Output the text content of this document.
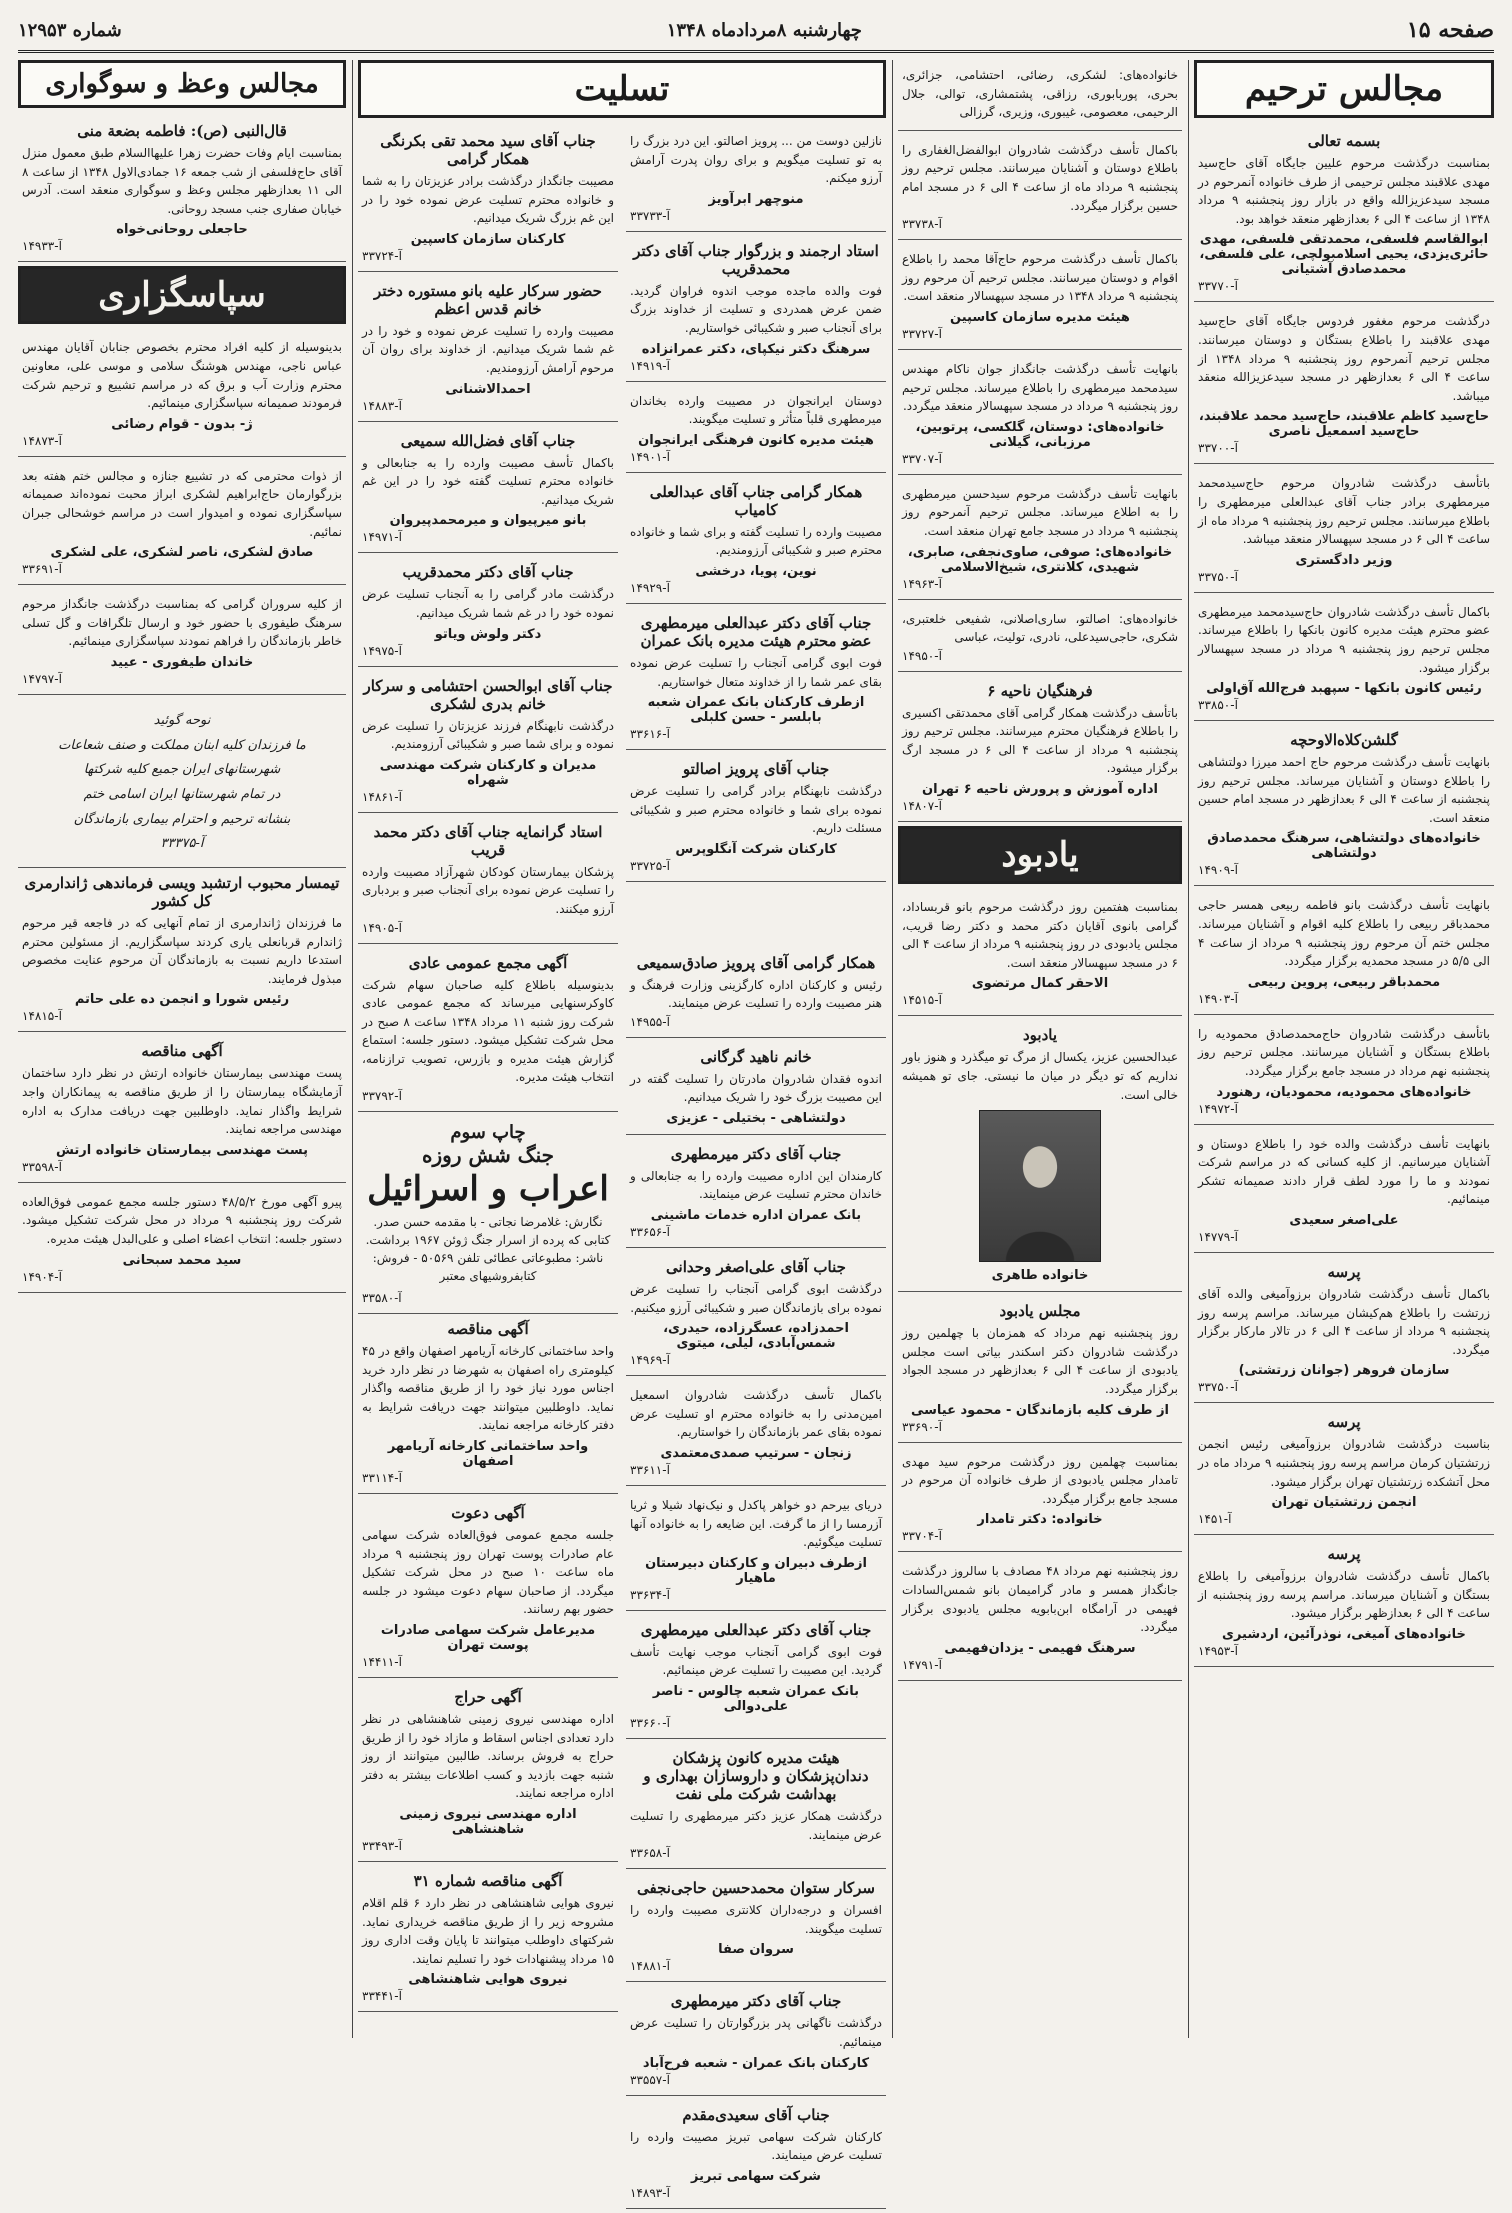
صفحه ۱۵
چهارشنبه ۸مردادماه ۱۳۴۸
شماره ۱۲۹۵۳
مجالس ترحیم
بسمه تعالی

بمناسبت درگذشت مرحوم علیین جایگاه آقای حاج‌سید مهدی علاقبند مجلس ترحیمی از طرف خانواده آنمرحوم در مسجد سیدعزیزالله واقع در بازار روز پنجشنبه ۹ مرداد ۱۳۴۸ از ساعت ۴ الی ۶ بعدازظهر منعقد خواهد بود.

ابوالقاسم فلسفی، محمدتقی فلسفی، مهدی حائری‌یزدی، یحیی اسلامبولچی، علی فلسفی، محمدصادق آشتیانی
آ-۳۳۷۷۰

درگذشت مرحوم مغفور فردوس جایگاه آقای حاج‌سید مهدی علاقبند را باطلاع بستگان و دوستان میرسانند. مجلس ترحیم آنمرحوم روز پنجشنبه ۹ مرداد ۱۳۴۸ از ساعت ۴ الی ۶ بعدازظهر در مسجد سیدعزیزالله منعقد میباشد.

حاج‌سید کاظم علاقبند، حاج‌سید محمد علاقبند، حاج‌سید اسمعیل ناصری
آ-۳۳۷۰۰

باتأسف درگذشت شادروان مرحوم حاج‌سیدمحمد میرمطهری برادر جناب آقای عبدالعلی میرمطهری را باطلاع میرسانند. مجلس ترحیم روز پنجشنبه ۹ مرداد ماه از ساعت ۴ الی ۶ در مسجد سپهسالار منعقد میباشد.

وزیر دادگستری
آ-۳۳۷۵۰

باکمال تأسف درگذشت شادروان حاج‌سیدمحمد میرمطهری عضو محترم هیئت مدیره کانون بانکها را باطلاع میرساند. مجلس ترحیم روز پنجشنبه ۹ مرداد در مسجد سپهسالار برگزار میشود.

رئیس کانون بانکها - سپهبد فرج‌الله آق‌اولی
آ-۳۳۸۵۰
گلشن‌کلاه‌الاوحچه

بانهایت تأسف درگذشت مرحوم حاج احمد میرزا دولتشاهی را باطلاع دوستان و آشنایان میرساند. مجلس ترحیم روز پنجشنبه از ساعت ۴ الی ۶ بعدازظهر در مسجد امام حسین منعقد است.

خانواده‌های دولتشاهی، سرهنگ محمدصادق دولتشاهی
آ-۱۴۹۰۹

بانهایت تأسف درگذشت بانو فاطمه ربیعی همسر حاجی محمدباقر ربیعی را باطلاع کلیه اقوام و آشنایان میرساند. مجلس ختم آن مرحوم روز پنجشنبه ۹ مرداد از ساعت ۴ الی ۵/۵ در مسجد محمدیه برگزار میگردد.

محمدباقر ربیعی، پروین ربیعی
آ-۱۴۹۰۳

باتأسف درگذشت شادروان حاج‌محمدصادق محمودیه را باطلاع بستگان و آشنایان میرسانند. مجلس ترحیم روز پنجشنبه نهم مرداد در مسجد جامع برگزار میگردد.

خانواده‌های محمودیه، محمودیان، رهنورد
آ-۱۴۹۷۲

بانهایت تأسف درگذشت والده خود را باطلاع دوستان و آشنایان میرسانیم. از کلیه کسانی که در مراسم شرکت نمودند و ما را مورد لطف قرار دادند صمیمانه تشکر مینمائیم.

علی‌اصغر سعیدی
آ-۱۴۷۷۹
پرسه

باکمال تأسف درگذشت شادروان برزوآمیغی والده آقای زرتشت را باطلاع هم‌کیشان میرساند. مراسم پرسه روز پنجشنبه ۹ مرداد از ساعت ۴ الی ۶ در تالار مارکار برگزار میگردد.

سازمان فروهر (جوانان زرتشتی)
آ-۳۳۷۵۰
پرسه

بناسبت درگذشت شادروان برزوآمیغی رئیس انجمن زرتشتیان کرمان مراسم پرسه روز پنجشنبه ۹ مرداد ماه در محل آتشکده زرتشتیان تهران برگزار میشود.

انجمن زرتشتیان تهران
آ-۱۴۵۱
پرسه

باکمال تأسف درگذشت شادروان برزوآمیغی را باطلاع بستگان و آشنایان میرساند. مراسم پرسه روز پنجشنبه از ساعت ۴ الی ۶ بعدازظهر برگزار میشود.

خانواده‌های آمیغی، نوذرآئین، اردشیری
آ-۱۴۹۵۳

خانواده‌های: لشکری، رضائی، احتشامی، جزائری، بحری، پوربابوری، رزاقی، پشتمشاری، توالی، جلال الرحیمی، معصومی، غیبوری، وزیری، گرزالی

باکمال تأسف درگذشت شادروان ابوالفضل‌الغفاری را باطلاع دوستان و آشنایان میرسانند. مجلس ترحیم روز پنجشنبه ۹ مرداد ماه از ساعت ۴ الی ۶ در مسجد امام حسین برگزار میگردد.

آ-۳۳۷۳۸

باکمال تأسف درگذشت مرحوم حاج‌آقا محمد را باطلاع اقوام و دوستان میرسانند. مجلس ترحیم آن مرحوم روز پنجشنبه ۹ مرداد ۱۳۴۸ در مسجد سپهسالار منعقد است.

هیئت مدیره سازمان کاسپین
آ-۳۳۷۲۷

بانهایت تأسف درگذشت جانگداز جوان ناکام مهندس سیدمحمد میرمطهری را باطلاع میرساند. مجلس ترحیم روز پنجشنبه ۹ مرداد در مسجد سپهسالار منعقد میگردد.

خانواده‌های: دوستان، گلکسی، پرتوبین، مرزبانی، گیلانی
آ-۳۳۷۰۷

بانهایت تأسف درگذشت مرحوم سیدحسن میرمطهری را به اطلاع میرساند. مجلس ترحیم آنمرحوم روز پنجشنبه ۹ مرداد در مسجد جامع تهران منعقد است.

خانواده‌های: صوفی، صاوی‌نجفی، صابری، شهیدی، کلانتری، شیخ‌الاسلامی
آ-۱۴۹۶۳

خانواده‌های: اصالتو، ساری‌اصلانی، شفیعی خلعتبری، شکری، حاجی‌سیدعلی، نادری، تولیت، عباسی

آ-۱۴۹۵۰
فرهنگیان ناحیه ۶

باتأسف درگذشت همکار گرامی آقای محمدتقی اکسیری را باطلاع فرهنگیان محترم میرسانند. مجلس ترحیم روز پنجشنبه ۹ مرداد از ساعت ۴ الی ۶ در مسجد ارگ برگزار میشود.

اداره آموزش و پرورش ناحیه ۶ تهران
آ-۱۴۸۰۷
یادبود

بمناسبت هفتمین روز درگذشت مرحوم بانو قربساداد، گرامی بانوی آقایان دکتر محمد و دکتر رضا قریب، مجلس یادبودی در روز پنجشنبه ۹ مرداد از ساعت ۴ الی ۶ در مسجد سپهسالار منعقد است.

الاحقر کمال مرتضوی
آ-۱۴۵۱۵
یادبود

عبدالحسین عزیز، یکسال از مرگ تو میگذرد و هنوز باور نداریم که تو دیگر در میان ما نیستی. جای تو همیشه خالی است.

خانواده طاهری
مجلس یادبود

روز پنجشنبه نهم مرداد که همزمان با چهلمین روز درگذشت شادروان دکتر اسکندر بیاتی است مجلس یادبودی از ساعت ۴ الی ۶ بعدازظهر در مسجد الجواد برگزار میگردد.

از طرف کلیه بازماندگان - محمود عیاسی
آ-۳۳۶۹۰

بمناسبت چهلمین روز درگذشت مرحوم سید مهدی تامدار مجلس یادبودی از طرف خانواده آن مرحوم در مسجد جامع برگزار میگردد.

خانواده: دکتر تامدار
آ-۳۳۷۰۴

روز پنجشنبه نهم مرداد ۴۸ مصادف با سالروز درگذشت جانگداز همسر و مادر گرامیمان بانو شمس‌السادات فهیمی در آرامگاه ابن‌بابویه مجلس یادبودی برگزار میگردد.

سرهنگ فهیمی - یزدان‌فهیمی
آ-۱۴۷۹۱
تسلیت

نازلین دوست من ... پرویز اصالتو. این درد بزرگ را به تو تسلیت میگویم و برای روان پدرت آرامش آرزو میکنم.

منوچهر ابرآویز
آ-۳۳۷۳۳
استاد ارجمند و بزرگوار جناب آقای دکتر محمدقریب

فوت والده ماجده موجب اندوه فراوان گردید. ضمن عرض همدردی و تسلیت از خداوند بزرگ برای آنجناب صبر و شکیبائی خواستاریم.

سرهنگ دکتر نیکپای، دکتر عمرانزاده
آ-۱۴۹۱۹

دوستان ایرانجوان در مصیبت وارده بخاندان میرمطهری قلباً متأثر و تسلیت میگویند.

هیئت مدیره کانون فرهنگی ایرانجوان
آ-۱۴۹۰۱
همکار گرامی جناب آقای عبدالعلی کامیاب

مصیبت وارده را تسلیت گفته و برای شما و خانواده محترم صبر و شکیبائی آرزومندیم.

نوین، پویا، درخشی
آ-۱۴۹۲۹
جناب آقای دکتر عبدالعلی میرمطهری عضو محترم هیئت مدیره بانک عمران

فوت ابوی گرامی آنجناب را تسلیت عرض نموده بقای عمر شما را از خداوند متعال خواستاریم.

ازطرف کارکنان بانک عمران شعبه بابلسر - حسن کلبلی
آ-۳۳۶۱۶
جناب آقای پرویز اصالتو

درگذشت نابهنگام برادر گرامی را تسلیت عرض نموده برای شما و خانواده محترم صبر و شکیبائی مسئلت داریم.

کارکنان شرکت آنگلوپرس
آ-۳۳۷۲۵
جناب آقای سید محمد تقی بکرنگی همکار گرامی

مصیبت جانگداز درگذشت برادر عزیزتان را به شما و خانواده محترم تسلیت عرض نموده خود را در این غم بزرگ شریک میدانیم.

کارکنان سازمان کاسپین
آ-۳۳۷۲۴
حضور سرکار علیه بانو مستوره دختر خانم قدس اعظم

مصیبت وارده را تسلیت عرض نموده و خود را در غم شما شریک میدانیم. از خداوند برای روان آن مرحوم آرامش آرزومندیم.

احمدالاشنانی
آ-۱۴۸۸۳
جناب آقای فضل‌الله سمیعی

باکمال تأسف مصیبت وارده را به جنابعالی و خانواده محترم تسلیت گفته خود را در این غم شریک میدانیم.

بانو میرپیوان و میرمحمدپیروان
آ-۱۴۹۷۱
جناب آقای دکتر محمدقریب

درگذشت مادر گرامی را به آنجناب تسلیت عرض نموده خود را در غم شما شریک میدانیم.

دکتر ولوش ویاتو
آ-۱۴۹۷۵
جناب آقای ابوالحسن احتشامی و سرکار خانم بدری لشکری

درگذشت نابهنگام فرزند عزیزتان را تسلیت عرض نموده و برای شما صبر و شکیبائی آرزومندیم.

مدیران و کارکنان شرکت مهندسی شهراه
آ-۱۴۸۶۱
استاد گرانمایه جناب آقای دکتر محمد قریب

پزشکان بیمارستان کودکان شهرآزاد مصیبت وارده را تسلیت عرض نموده برای آنجناب صبر و بردباری آرزو میکنند.

آ-۱۴۹۰۵
همکار گرامی آقای پرویز صادق‌سمیعی

رئیس و کارکنان اداره کارگزینی وزارت فرهنگ و هنر مصیبت وارده را تسلیت عرض مینمایند.

آ-۱۴۹۵۵
خانم ناهید گرگانی

اندوه فقدان شادروان مادرتان را تسلیت گفته در این مصیبت بزرگ خود را شریک میدانیم.

دولتشاهی - بختیلی - عزیزی
جناب آقای دکتر میرمطهری

کارمندان این اداره مصیبت وارده را به جنابعالی و خاندان محترم تسلیت عرض مینمایند.

بانک عمران اداره خدمات ماشینی
آ-۳۳۶۵۶
جناب آقای علی‌اصغر وحدانی

درگذشت ابوی گرامی آنجناب را تسلیت عرض نموده برای بازماندگان صبر و شکیبائی آرزو میکنیم.

احمدزاده، عسگرزاده، حیدری، شمس‌آبادی، لیلی، میتوی
آ-۱۴۹۶۹

باکمال تأسف درگذشت شادروان اسمعیل امین‌مدنی را به خانواده محترم او تسلیت عرض نموده بقای عمر بازماندگان را خواستاریم.

زنجان - سرتیپ صمدی‌معتمدی
آ-۳۳۶۱۱

دریای بیرحم دو خواهر پاکدل و نیک‌نهاد شیلا و ثریا آزرمسا را از ما گرفت. این ضایعه را به خانواده آنها تسلیت میگوئیم.

ازطرف دبیران و کارکنان دبیرستان ماهیار
آ-۳۳۶۳۴
جناب آقای دکتر عبدالعلی میرمطهری

فوت ابوی گرامی آنجناب موجب نهایت تأسف گردید. این مصیبت را تسلیت عرض مینمائیم.

بانک عمران شعبه چالوس - ناصر علی‌دوالی
آ-۳۳۶۶۰
هیئت مدیره کانون پزشکان دندان‌پزشکان و داروسازان بهداری و بهداشت شرکت ملی نفت

درگذشت همکار عزیز دکتر میرمطهری را تسلیت عرض مینمایند.

آ-۳۳۶۵۸
سرکار ستوان محمدحسین حاجی‌نجفی

افسران و درجه‌داران کلانتری مصیبت وارده را تسلیت میگویند.

سروان صفا
آ-۱۴۸۸۱
جناب آقای دکتر میرمطهری

درگذشت ناگهانی پدر بزرگوارتان را تسلیت عرض مینمائیم.

کارکنان بانک عمران - شعبه فرح‌آباد
آ-۳۳۵۵۷
جناب آقای سعیدی‌مقدم

کارکنان شرکت سهامی تبریز مصیبت وارده را تسلیت عرض مینمایند.

شرکت سهامی تبریز
آ-۱۴۸۹۳
آگهی مجمع عمومی عادی

بدینوسیله باطلاع کلیه صاحبان سهام شرکت کاوکرسنهایی میرساند که مجمع عمومی عادی شرکت روز شنبه ۱۱ مرداد ۱۳۴۸ ساعت ۸ صبح در محل شرکت تشکیل میشود. دستور جلسه: استماع گزارش هیئت مدیره و بازرس، تصویب ترازنامه، انتخاب هیئت مدیره.

آ-۳۳۷۹۲
چاپ سوم
جنگ شش روزه
اعراب و اسرائیل
نگارش: غلامرضا نجاتی - با مقدمه حسن صدر. کتابی که پرده از اسرار جنگ ژوئن ۱۹۶۷ برداشت. ناشر: مطبوعاتی عطائی تلفن ۵۰۵۶۹ - فروش: کتابفروشیهای معتبر
آ-۳۳۵۸۰
آگهی مناقصه

واحد ساختمانی کارخانه آریامهر اصفهان واقع در ۴۵ کیلومتری راه اصفهان به شهرضا در نظر دارد خرید اجناس مورد نیاز خود را از طریق مناقصه واگذار نماید. داوطلبین میتوانند جهت دریافت شرایط به دفتر کارخانه مراجعه نمایند.

واحد ساختمانی کارخانه آریامهر اصفهان
آ-۳۳۱۱۴
آگهی دعوت

جلسه مجمع عمومی فوق‌العاده شرکت سهامی عام صادرات پوست تهران روز پنجشنبه ۹ مرداد ماه ساعت ۱۰ صبح در محل شرکت تشکیل میگردد. از صاحبان سهام دعوت میشود در جلسه حضور بهم رسانند.

مدیرعامل شرکت سهامی صادرات پوست تهران
آ-۱۴۴۱۱
آگهی حراج

اداره مهندسی نیروی زمینی شاهنشاهی در نظر دارد تعدادی اجناس اسقاط و مازاد خود را از طریق حراج به فروش برساند. طالبین میتوانند از روز شنبه جهت بازدید و کسب اطلاعات بیشتر به دفتر اداره مراجعه نمایند.

اداره مهندسی نیروی زمینی شاهنشاهی
آ-۳۳۴۹۳
آگهی مناقصه شماره ۳۱

نیروی هوایی شاهنشاهی در نظر دارد ۶ قلم اقلام مشروحه زیر را از طریق مناقصه خریداری نماید. شرکتهای داوطلب میتوانند تا پایان وقت اداری روز ۱۵ مرداد پیشنهادات خود را تسلیم نمایند.

نیروی هوایی شاهنشاهی
آ-۳۳۴۴۱
مجالس وعظ و سوگواری
قال‌النبی (ص): فاطمه بضعة منی

بمناسبت ایام وفات حضرت زهرا علیهاالسلام طبق معمول منزل آقای حاج‌فلسفی از شب جمعه ۱۶ جمادی‌الاول ۱۳۴۸ از ساعت ۸ الی ۱۱ بعدازظهر مجلس وعظ و سوگواری منعقد است. آدرس خیابان صفاری جنب مسجد روحانی.

حاجعلی روحانی‌خواه
آ-۱۴۹۳۳
سپاسگزاری

بدینوسیله از کلیه افراد محترم بخصوص جنابان آقایان مهندس عباس ناجی، مهندس هوشنگ سلامی و موسی علی، معاونین محترم وزارت آب و برق که در مراسم تشییع و ترحیم شرکت فرمودند صمیمانه سپاسگزاری مینمائیم.

ژ- بدون - قوام رضائی
آ-۱۴۸۷۳

از ذوات محترمی که در تشییع جنازه و مجالس ختم هفته بعد بزرگوارمان حاج‌ابراهیم لشکری ابراز محبت نموده‌اند صمیمانه سپاسگزاری نموده و امیدوار است در مراسم خوشحالی جبران نمائیم.

صادق لشکری، ناصر لشکری، علی لشکری
آ-۳۳۶۹۱

از کلیه سروران گرامی که بمناسبت درگذشت جانگداز مرحوم سرهنگ طیفوری با حضور خود و ارسال تلگرافات و گل تسلی خاطر بازماندگان را فراهم نمودند سپاسگزاری مینمائیم.

خاندان طیفوری - عیید
آ-۱۴۷۹۷
نوحه گوئید
ما فرزندان کلیه ابنان مملکت و صنف شعاعات
شهرستانهای ایران جمیع کلیه شرکتها
در تمام شهرستانها ایران اسامی ختم
بنشانه ترحیم و احترام بیماری بازماندگان
آ-۳۳۳۷۵
تیمسار محبوب ارتشبد ویسی فرماندهی ژاندارمری کل کشور

ما فرزندان ژاندارمری از تمام آنهایی که در فاجعه قیر مرحوم ژاندارم قربانعلی یاری کردند سپاسگزاریم. از مسئولین محترم استدعا داریم نسبت به بازماندگان آن مرحوم عنایت مخصوص مبذول فرمایند.

رئیس شورا و انجمن ده علی حاتم
آ-۱۴۸۱۵
آگهی مناقصه

پست مهندسی بیمارستان خانواده ارتش در نظر دارد ساختمان آزمایشگاه بیمارستان را از طریق مناقصه به پیمانکاران واجد شرایط واگذار نماید. داوطلبین جهت دریافت مدارک به اداره مهندسی مراجعه نمایند.

پست مهندسی بیمارستان خانواده ارتش
آ-۳۳۵۹۸

پیرو آگهی مورخ ۴۸/۵/۲ دستور جلسه مجمع عمومی فوق‌العاده شرکت روز پنجشنبه ۹ مرداد در محل شرکت تشکیل میشود. دستور جلسه: انتخاب اعضاء اصلی و علی‌البدل هیئت مدیره.

سید محمد سبحانی
آ-۱۴۹۰۴
